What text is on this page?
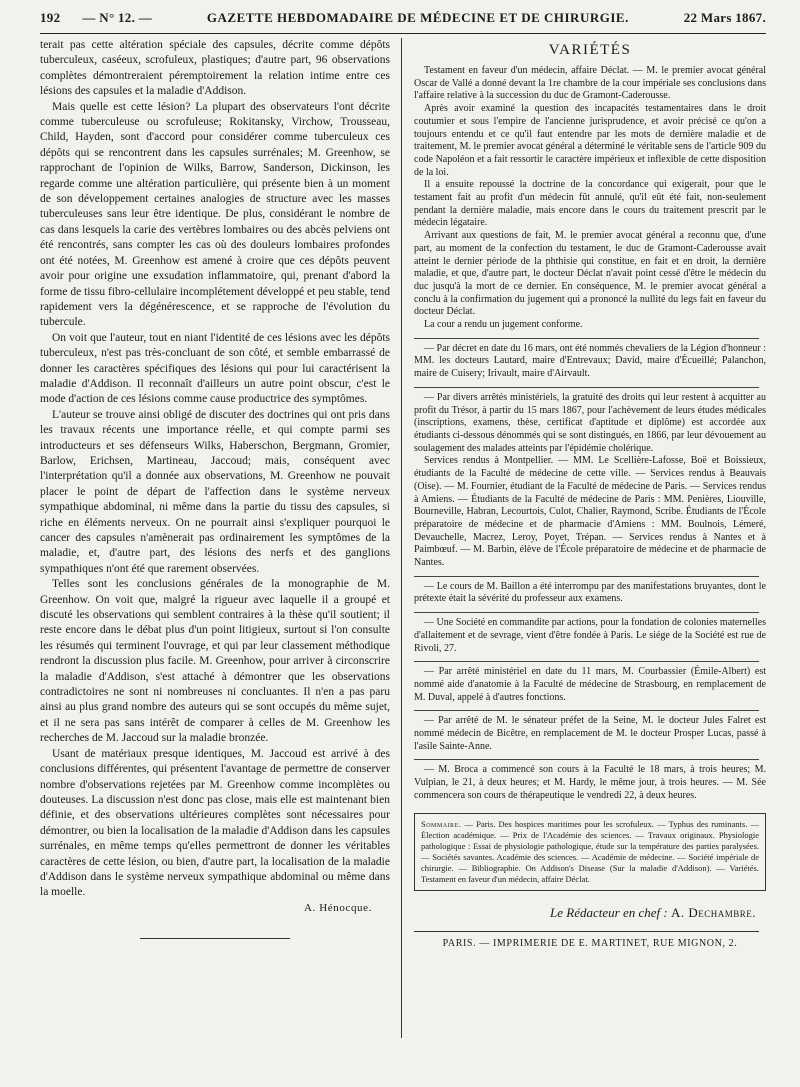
192 — N° 12. —	GAZETTE HEBDOMADAIRE DE MÉDECINE ET DE CHIRURGIE.	22 Mars 1867.

terait pas cette altération spéciale des capsules, décrite comme dépôts tuberculeux, caséeux, scrofuleux, plastiques; d'autre part, 96 observations complètes démontreraient péremptoirement la relation intime entre ces lésions des capsules et la maladie d'Addison.

Mais quelle est cette lésion? La plupart des observateurs l'ont décrite comme tuberculeuse ou scrofuleuse; Rokitansky, Virchow, Trousseau, Child, Hayden, sont d'accord pour considérer comme tuberculeux ces dépôts qui se rencontrent dans les capsules surrénales; M. Greenhow, se rapprochant de l'opinion de Wilks, Barrow, Sanderson, Dickinson, les regarde comme une altération particulière, qui présente bien à un moment de son développement certaines analogies de structure avec les masses tuberculeuses sans leur être identique. De plus, considérant le nombre de cas dans lesquels la carie des vertèbres lombaires ou des abcès pelviens ont été rencontrés, sans compter les cas où des douleurs lombaires profondes ont été notées, M. Greenhow est amené à croire que ces dépôts peuvent avoir pour origine une exsudation inflammatoire, qui, prenant d'abord la forme de tissu fibro-cellulaire incomplétement développé et peu stable, tend rapidement vers la dégénérescence, et se rapproche de l'évolution du tubercule.

On voit que l'auteur, tout en niant l'identité de ces lésions avec les dépôts tuberculeux, n'est pas très-concluant de son côté, et semble embarrassé de donner les caractères spécifiques des lésions qui pour lui caractérisent la maladie d'Addison. Il reconnaît d'ailleurs un autre point obscur, c'est le mode d'action de ces lésions comme cause productrice des symptômes.

L'auteur se trouve ainsi obligé de discuter des doctrines qui ont pris dans les travaux récents une importance réelle, et qui compte parmi ses introducteurs et ses défenseurs Wilks, Haberschon, Bergmann, Gromier, Barlow, Erichsen, Martineau, Jaccoud; mais, conséquent avec l'interprétation qu'il a donnée aux observations, M. Greenhow ne pouvait placer le point de départ de l'affection dans le système nerveux sympathique abdominal, ni même dans la partie du tissu des capsules, si riche en éléments nerveux. On ne pourrait ainsi s'expliquer pourquoi le cancer des capsules n'amènerait pas ordinairement les symptômes de la maladie, et, d'autre part, des lésions des nerfs et des ganglions sympathiques n'ont été que rarement observées.

Telles sont les conclusions générales de la monographie de M. Greenhow. On voit que, malgré la rigueur avec laquelle il a groupé et discuté les observations qui semblent contraires à la thèse qu'il soutient; il reste encore dans le débat plus d'un point litigieux, surtout si l'on consulte les résumés qui terminent l'ouvrage, et qui par leur classement méthodique rendront la discussion plus facile. M. Greenhow, pour arriver à circonscrire la maladie d'Addison, s'est attaché à démontrer que les observations contradictoires ne sont ni nombreuses ni concluantes. Il n'en a pas paru ainsi au plus grand nombre des auteurs qui se sont occupés du même sujet, et il ne sera pas sans intérêt de comparer à celles de M. Greenhow les recherches de M. Jaccoud sur la maladie bronzée.

Usant de matériaux presque identiques, M. Jaccoud est arrivé à des conclusions différentes, qui présentent l'avantage de permettre de conserver nombre d'observations rejetées par M. Greenhow comme incomplètes ou douteuses. La discussion n'est donc pas close, mais elle est maintenant bien définie, et des observations ultérieures complètes sont nécessaires pour démontrer, ou bien la localisation de la maladie d'Addison dans les capsules surrénales, en même temps qu'elles permettront de donner les véritables caractères de cette lésion, ou bien, d'autre part, la localisation de la maladie d'Addison dans le système nerveux sympathique abdominal ou même dans la moelle.

A. Hénocque.
VARIÉTÉS

Testament en faveur d'un médecin, affaire Déclat. — M. le premier avocat général Oscar de Vallé a donné devant la 1re chambre de la cour impériale ses conclusions dans l'affaire relative à la succession du duc de Gramont-Caderousse.

Après avoir examiné la question des incapacités testamentaires dans le droit coutumier et sous l'empire de l'ancienne jurisprudence, et avoir précisé ce qu'on a toujours entendu et ce qu'il faut entendre par les mots de dernière maladie et de traitement, M. le premier avocat général a déterminé le véritable sens de l'article 909 du code Napoléon et a fait ressortir le caractère impérieux et inflexible de cette disposition de la loi.

Il a ensuite repoussé la doctrine de la concordance qui exigerait, pour que le testament fait au profit d'un médecin fût annulé, qu'il eût été fait, non-seulement pendant la dernière maladie, mais encore dans le cours du traitement prescrit par le médecin légataire.

Arrivant aux questions de fait, M. le premier avocat général a reconnu que, d'une part, au moment de la confection du testament, le duc de Gramont-Caderousse avait atteint le dernier période de la phthisie qui constitue, en fait et en droit, la dernière maladie, et que, d'autre part, le docteur Déclat n'avait point cessé d'être le médecin du duc jusqu'à la mort de ce dernier. En conséquence, M. le premier avocat général a conclu à la confirmation du jugement qui a prononcé la nullité du legs fait en faveur du docteur Déclat.

La cour a rendu un jugement conforme.

— Par décret en date du 16 mars, ont été nommés chevaliers de la Légion d'honneur : MM. les docteurs Lautard, maire d'Entrevaux; David, maire d'Écueillé; Palanchon, maire de Cuisery; Irivault, maire d'Airvault.

— Par divers arrêtés ministériels, la gratuité des droits qui leur restent à acquitter au profit du Trésor, à partir du 15 mars 1867, pour l'achèvement de leurs études médicales (inscriptions, examens, thèse, certificat d'aptitude et diplôme) est accordée aux étudiants ci-dessous dénommés qui se sont distingués, en 1866, par leur dévouement au soulagement des malades atteints par l'épidémie cholérique.

Services rendus à Montpellier. — MM. Le Scellière-Lafosse, Boë et Boissieux, étudiants de la Faculté de médecine de cette ville. — Services rendus à Beauvais (Oise). — M. Fournier, étudiant de la Faculté de médecine de Paris. — Services rendus à Amiens. — Étudiants de la Faculté de médecine de Paris : MM. Penières, Liouville, Bourneville, Habran, Lecourtois, Culot, Chalier, Raymond, Scribe. Étudiants de l'École préparatoire de médecine et de pharmacie d'Amiens : MM. Boulnois, Lémeré, Devauchelle, Macrez, Leroy, Poyet, Trépan. — Services rendus à Nantes et à Paimbœuf. — M. Barbin, élève de l'École préparatoire de médecine et de pharmacie de Nantes.

— Le cours de M. Baillon a été interrompu par des manifestations bruyantes, dont le prétexte était la sévérité du professeur aux examens.

— Une Société en commandite par actions, pour la fondation de colonies maternelles d'allaitement et de sevrage, vient d'être fondée à Paris. Le siége de la Société est rue de Rivoli, 27.

— Par arrêté ministériel en date du 11 mars, M. Courbassier (Émile-Albert) est nommé aide d'anatomie à la Faculté de médecine de Strasbourg, en remplacement de M. Duval, appelé à d'autres fonctions.

— Par arrêté de M. le sénateur préfet de la Seine, M. le docteur Jules Falret est nommé médecin de Bicêtre, en remplacement de M. le docteur Prosper Lucas, passé à l'asile Sainte-Anne.

— M. Broca a commencé son cours à la Faculté le 18 mars, à trois heures; M. Vulpian, le 21, à deux heures; et M. Hardy, le même jour, à trois heures. — M. Sée commencera son cours de thérapeutique le vendredi 22, à deux heures.

Sommaire. — Paris. Des hospices maritimes pour les scrofuleux. — Typhus des ruminants. — Élection académique. — Prix de l'Académie des sciences. — Travaux originaux. Physiologie pathologique : Essai de physiologie pathologique, étude sur la température des parties paralysées. — Sociétés savantes. Académie des sciences. — Académie de médecine. — Société impériale de chirurgie. — Bibliographie. On Addison's Disease (Sur la maladie d'Addison). — Variétés. Testament en faveur d'un médecin, affaire Déclat.
Le Rédacteur en chef : A. Dechambre.
PARIS. — IMPRIMERIE DE E. MARTINET, RUE MIGNON, 2.
